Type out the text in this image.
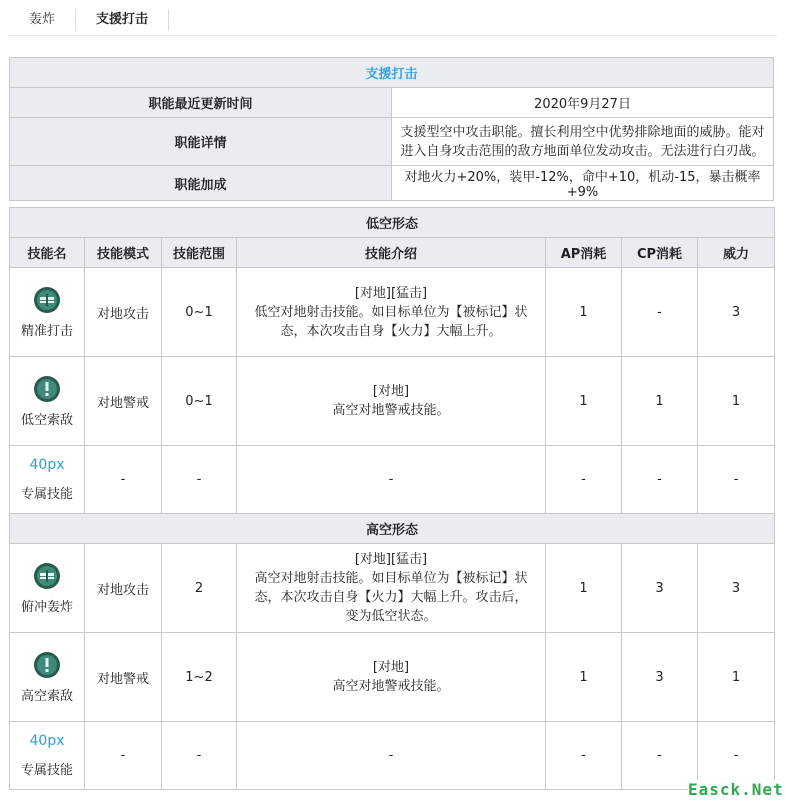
轰炸	支援打击
支援打击	
职能最近更新时间	2020年9月27日
职能详情	支援型空中攻击职能。擅长利用空中优势排除地面的威胁。能对进入自身攻击范围的敌方地面单位发动攻击。无法进行白刃战。
职能加成	对地火力+20%，装甲-12%，命中+10，机动-15，暴击概率+9%
低空形态						
技能名	技能模式	技能范围	技能介绍	AP消耗	CP消耗	威力

精准打击	对地攻击	0~1	[对地][猛击]
低空对地射击技能。如目标单位为【被标记】状
态，本次攻击自身【火力】大幅上升。	1	-	3

低空索敌	对地警戒	0~1	[对地]
高空对地警戒技能。	1	1	1

40px
专属技能	-	-	-	-	-	-
高空形态						

俯冲轰炸	对地攻击	2	[对地][猛击]
高空对地射击技能。如目标单位为【被标记】状
态，本次攻击自身【火力】大幅上升。攻击后，
变为低空状态。	1	3	3

高空索敌	对地警戒	1~2	[对地]
高空对地警戒技能。	1	3	1

40px
专属技能	-	-	-	-	-	-
Easck.Net
